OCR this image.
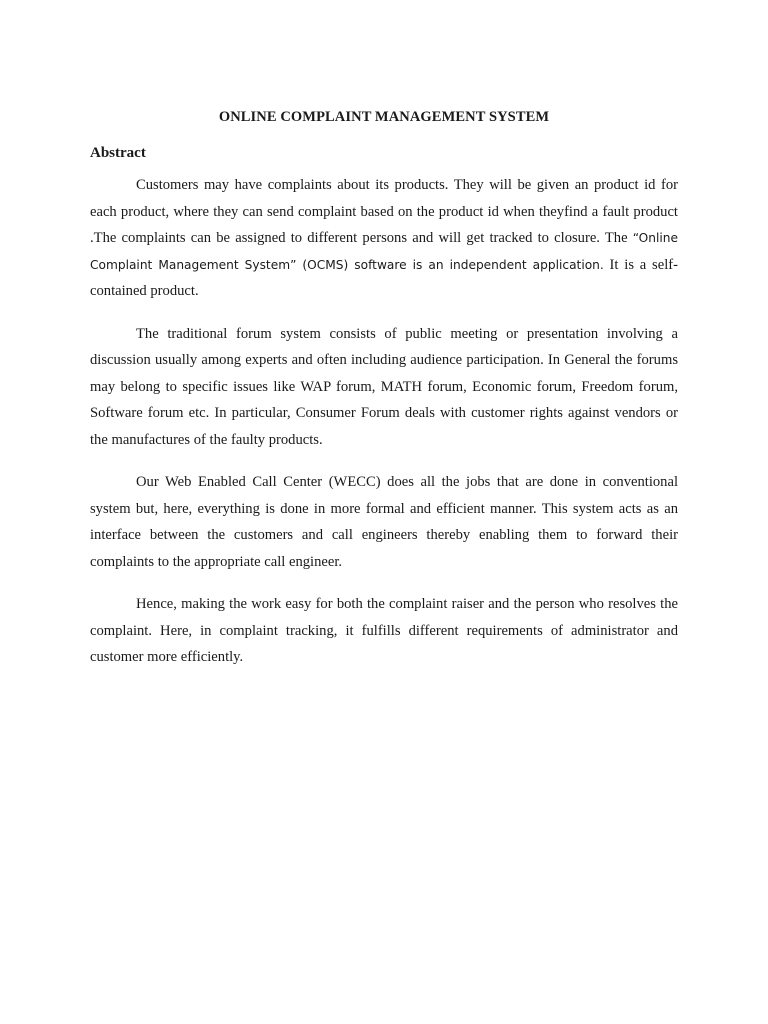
ONLINE COMPLAINT MANAGEMENT SYSTEM
Abstract

Customers may have complaints about its products. They will be given an product id for each product, where they can send complaint based on the product id when theyfind a fault product .The complaints can be assigned to different persons and will get tracked to closure. The “Online Complaint Management System” (OCMS) software is an independent application. It is a self-contained product.

The traditional forum system consists of public meeting or presentation involving a discussion usually among experts and often including audience participation. In General the forums may belong to specific issues like WAP forum, MATH forum, Economic forum, Freedom forum, Software forum etc. In particular, Consumer Forum deals with customer rights against vendors or the manufactures of the faulty products.

Our Web Enabled Call Center (WECC) does all the jobs that are done in conventional system but, here, everything is done in more formal and efficient manner. This system acts as an interface between the customers and call engineers thereby enabling them to forward their complaints to the appropriate call engineer.

Hence, making the work easy for both the complaint raiser and the person who resolves the complaint. Here, in complaint tracking, it fulfills different requirements of administrator and customer more efficiently.
